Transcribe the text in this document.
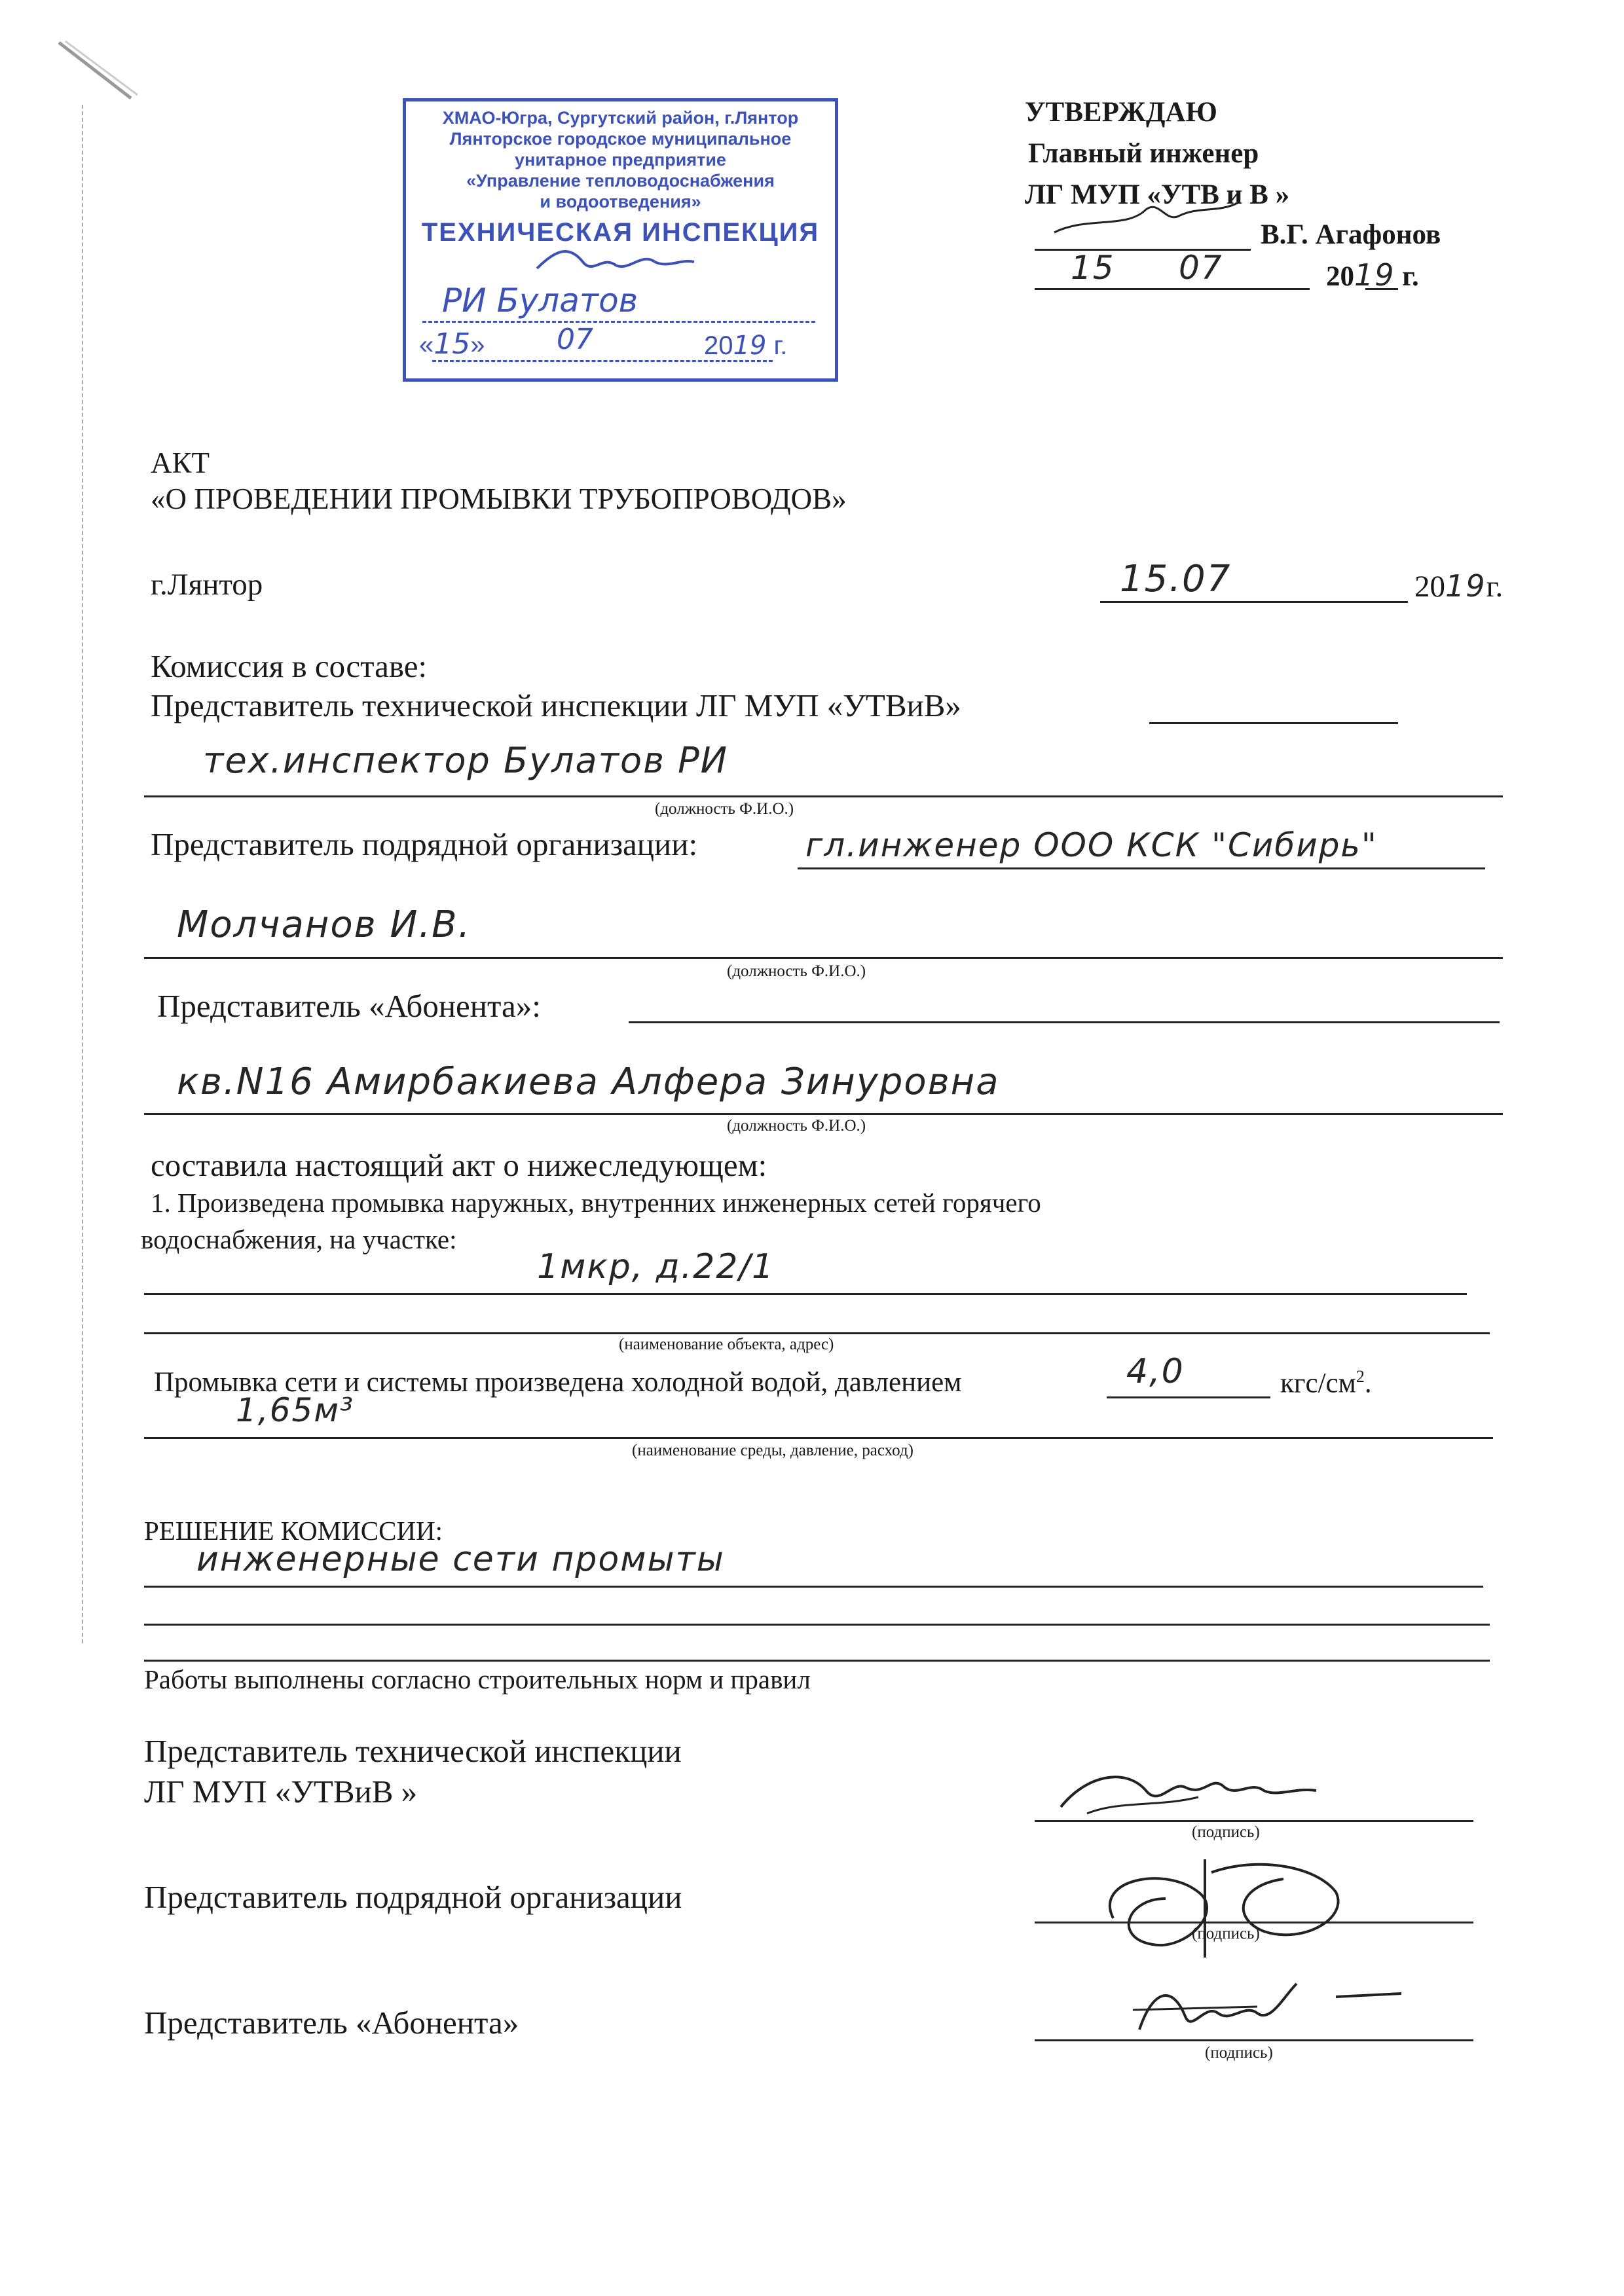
ХМАО-Югра, Сургутский район, г.Лянтор
Лянторское городское муниципальное
унитарное предприятие
«Управление тепловодоснабжения
и водоотведения»
ТЕХНИЧЕСКАЯ ИНСПЕКЦИЯ
РИ Булатов
«15» 07	2019 г.
УТВЕРЖДАЮ
Главный инженер
ЛГ МУП «УТВ и В »
В.Г. Агафонов
15 07	2019 г.
АКТ
«О ПРОВЕДЕНИИ ПРОМЫВКИ ТРУБОПРОВОДОВ»
г.Лянтор	15.07	2019г.
Комиссия в составе:
Представитель технической инспекции ЛГ МУП «УТВиВ»
тех.инспектор Булатов РИ
(должность Ф.И.О.)
Представитель подрядной организации:	гл.инженер ООО КСК "Сибирь"
Молчанов И.В.
(должность Ф.И.О.)
Представитель «Абонента»:
кв.N16 Амирбакиева Алфера Зинуровна
(должность Ф.И.О.)
составила настоящий акт о нижеследующем:
1. Произведена промывка наружных, внутренних инженерных сетей горячего
водоснабжения, на участке:
1мкр, д.22/1
(наименование объекта, адрес)
Промывка сети и системы произведена холодной водой, давлением	4,0	кгс/$см^2$.
1,65м³
(наименование среды, давление, расход)
РЕШЕНИЕ КОМИССИИ:
инженерные сети промыты
Работы выполнены согласно строительных норм и правил
Представитель технической инспекции
ЛГ МУП «УТВиВ »
(подпись)
Представитель подрядной организации
(подпись)
Представитель «Абонента»
(подпись)
